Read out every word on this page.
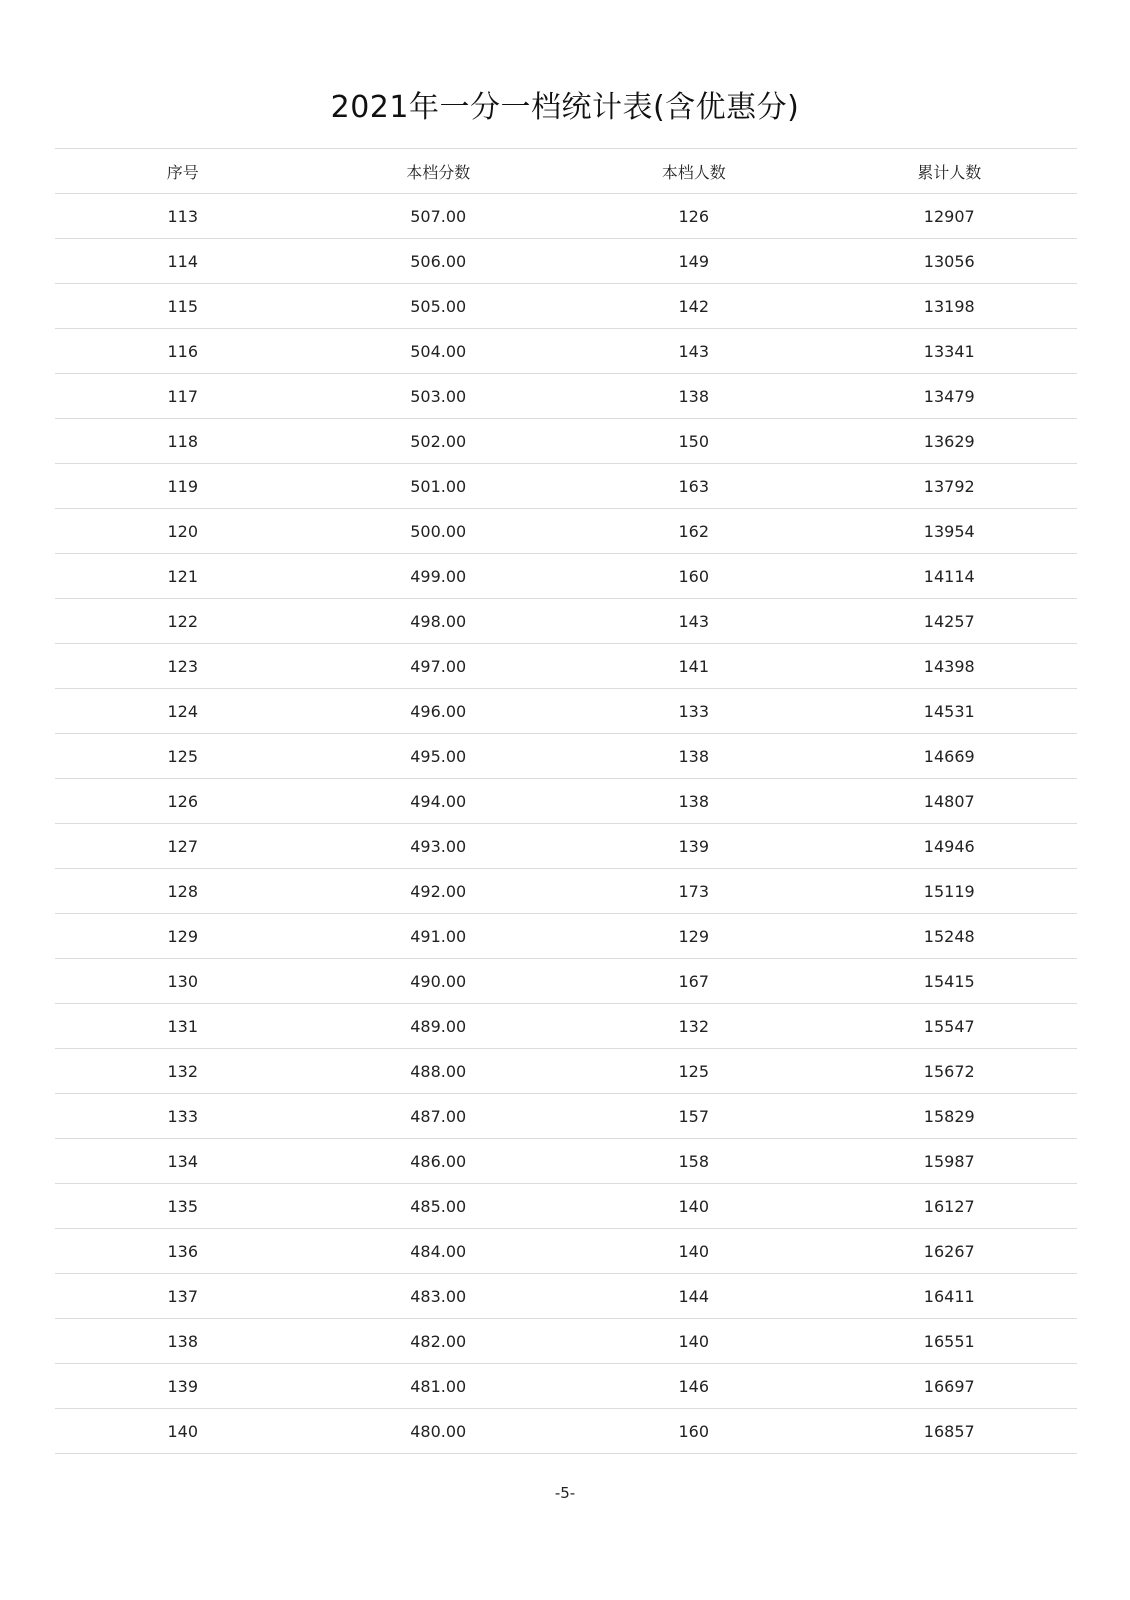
2021年一分一档统计表(含优惠分)
序号	本档分数	本档人数	累计人数
113	507.00	126	12907
114	506.00	149	13056
115	505.00	142	13198
116	504.00	143	13341
117	503.00	138	13479
118	502.00	150	13629
119	501.00	163	13792
120	500.00	162	13954
121	499.00	160	14114
122	498.00	143	14257
123	497.00	141	14398
124	496.00	133	14531
125	495.00	138	14669
126	494.00	138	14807
127	493.00	139	14946
128	492.00	173	15119
129	491.00	129	15248
130	490.00	167	15415
131	489.00	132	15547
132	488.00	125	15672
133	487.00	157	15829
134	486.00	158	15987
135	485.00	140	16127
136	484.00	140	16267
137	483.00	144	16411
138	482.00	140	16551
139	481.00	146	16697
140	480.00	160	16857
-5-
